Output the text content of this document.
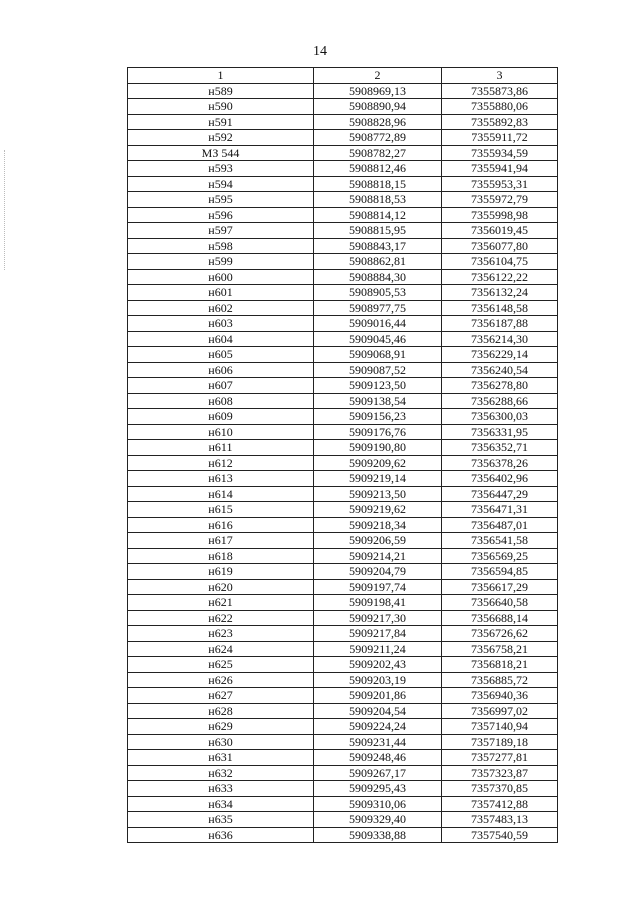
14
1	2	3
н589	5908969,13	7355873,86
н590	5908890,94	7355880,06
н591	5908828,96	7355892,83
н592	5908772,89	7355911,72
МЗ 544	5908782,27	7355934,59
н593	5908812,46	7355941,94
н594	5908818,15	7355953,31
н595	5908818,53	7355972,79
н596	5908814,12	7355998,98
н597	5908815,95	7356019,45
н598	5908843,17	7356077,80
н599	5908862,81	7356104,75
н600	5908884,30	7356122,22
н601	5908905,53	7356132,24
н602	5908977,75	7356148,58
н603	5909016,44	7356187,88
н604	5909045,46	7356214,30
н605	5909068,91	7356229,14
н606	5909087,52	7356240,54
н607	5909123,50	7356278,80
н608	5909138,54	7356288,66
н609	5909156,23	7356300,03
н610	5909176,76	7356331,95
н611	5909190,80	7356352,71
н612	5909209,62	7356378,26
н613	5909219,14	7356402,96
н614	5909213,50	7356447,29
н615	5909219,62	7356471,31
н616	5909218,34	7356487,01
н617	5909206,59	7356541,58
н618	5909214,21	7356569,25
н619	5909204,79	7356594,85
н620	5909197,74	7356617,29
н621	5909198,41	7356640,58
н622	5909217,30	7356688,14
н623	5909217,84	7356726,62
н624	5909211,24	7356758,21
н625	5909202,43	7356818,21
н626	5909203,19	7356885,72
н627	5909201,86	7356940,36
н628	5909204,54	7356997,02
н629	5909224,24	7357140,94
н630	5909231,44	7357189,18
н631	5909248,46	7357277,81
н632	5909267,17	7357323,87
н633	5909295,43	7357370,85
н634	5909310,06	7357412,88
н635	5909329,40	7357483,13
н636	5909338,88	7357540,59
